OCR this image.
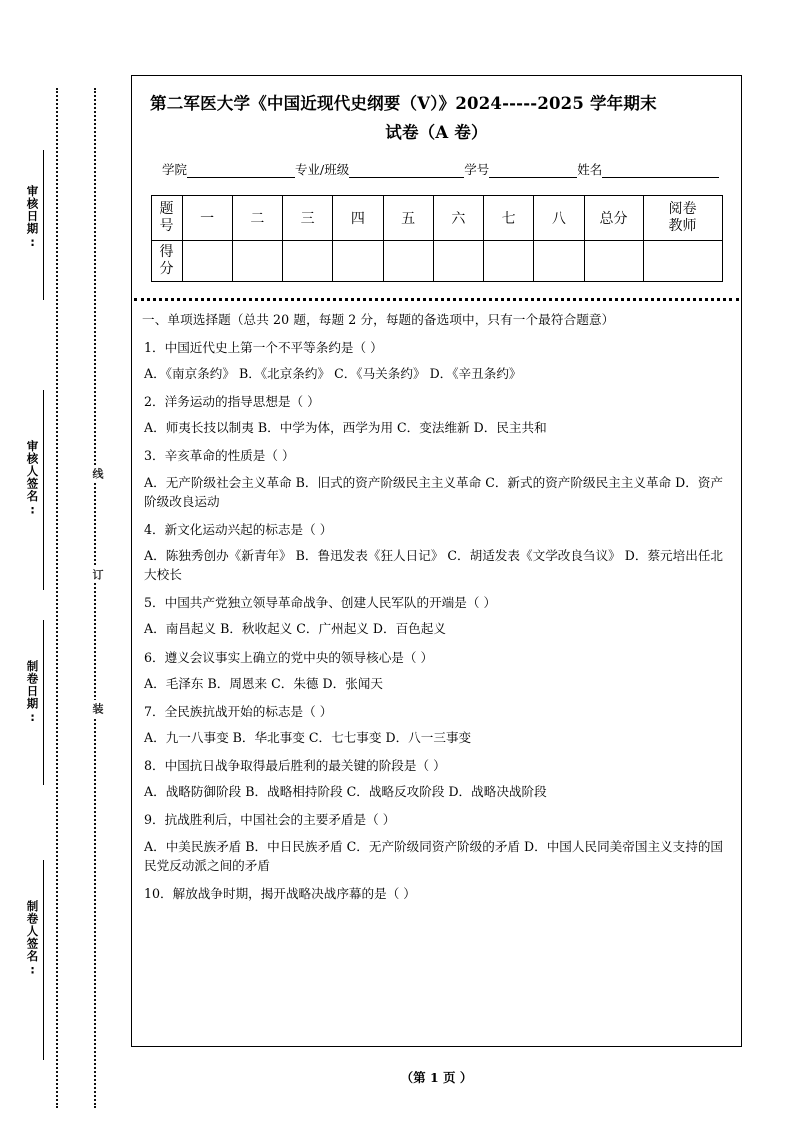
审核日期:
审核人签名:
制卷日期:
制卷人签名:
线
订
装
第二军医大学《中国近现代史纲要（V）》2024-----2025 学年期末
试卷（A 卷）
学院	专业/班级	学号	姓名
题
号	一	二	三	四	五	六	七	八	总分	阅卷
教师

得
分										

一、单项选择题（总共 20 题，每题 2 分，每题的备选项中，只有一个最符合题意）
1．中国近代史上第一个不平等条约是（ ）
A．《南京条约》 B．《北京条约》 C．《马关条约》 D．《辛丑条约》
2．洋务运动的指导思想是（ ）
A．师夷长技以制夷 B．中学为体，西学为用 C．变法维新 D．民主共和
3．辛亥革命的性质是（ ）
A．无产阶级社会主义革命 B．旧式的资产阶级民主主义革命 C．新式的资产阶级民主主义革命 D．资产阶级改良运动
4．新文化运动兴起的标志是（ ）
A．陈独秀创办《新青年》 B．鲁迅发表《狂人日记》 C．胡适发表《文学改良刍议》 D．蔡元培出任北大校长
5．中国共产党独立领导革命战争、创建人民军队的开端是（ ）
A．南昌起义 B．秋收起义 C．广州起义 D．百色起义
6．遵义会议事实上确立的党中央的领导核心是（ ）
A．毛泽东 B．周恩来 C．朱德 D．张闻天
7．全民族抗战开始的标志是（ ）
A．九一八事变 B．华北事变 C．七七事变 D．八一三事变
8．中国抗日战争取得最后胜利的最关键的阶段是（ ）
A．战略防御阶段 B．战略相持阶段 C．战略反攻阶段 D．战略决战阶段
9．抗战胜利后，中国社会的主要矛盾是（ ）
A．中美民族矛盾 B．中日民族矛盾 C．无产阶级同资产阶级的矛盾 D．中国人民同美帝国主义支持的国民党反动派之间的矛盾
10．解放战争时期，揭开战略决战序幕的是（ ）
（第 1 页 ）
